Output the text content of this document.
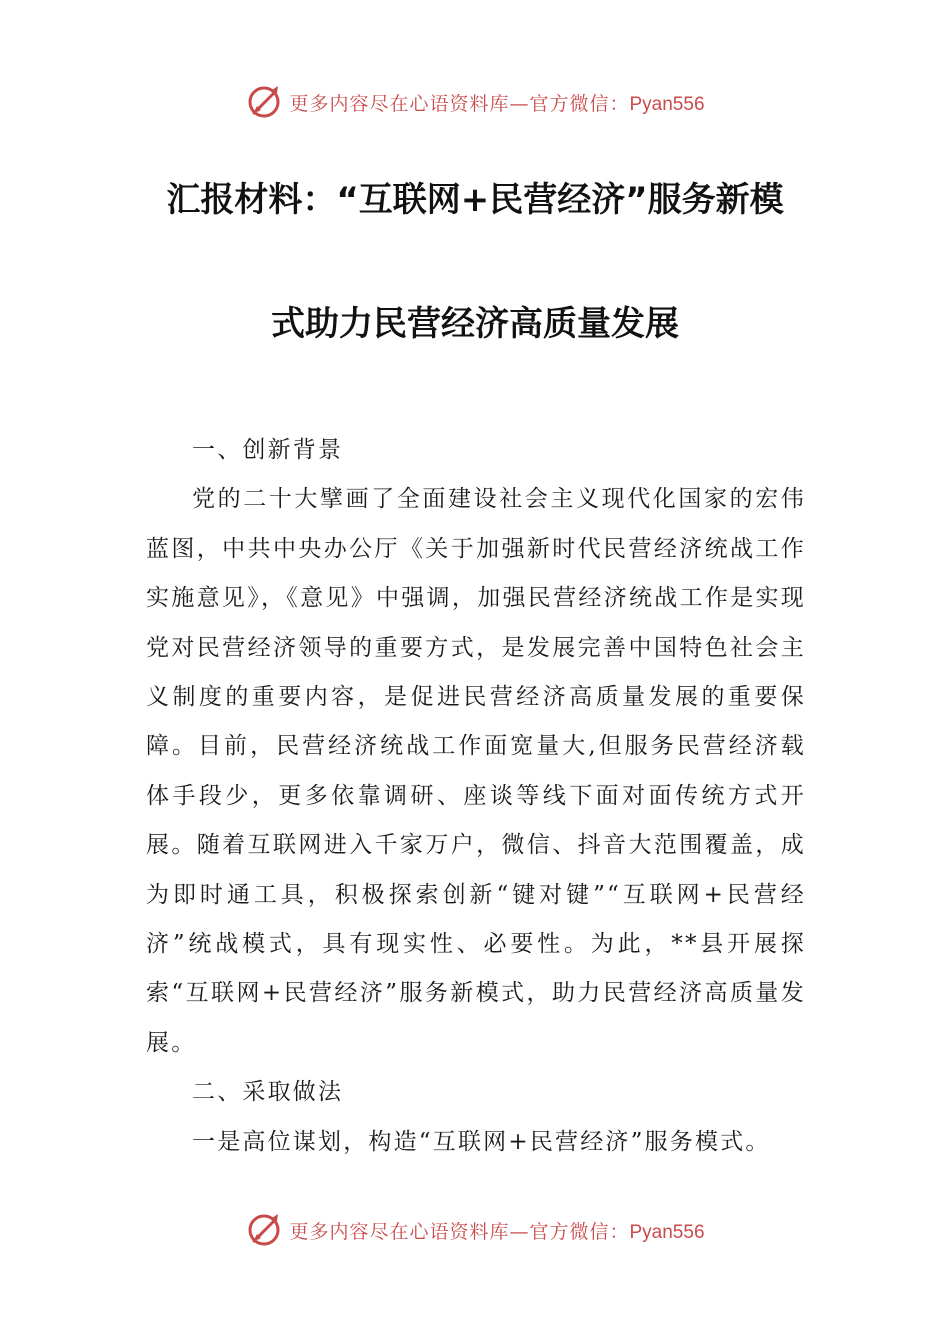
更多内容尽在心语资料库—官方微信：Pyan556
汇报材料：“互联网+民营经济”服务新模
式助力民营经济高质量发展

一、创新背景

党的二十大擘画了全面建设社会主义现代化国家的宏伟蓝图，中共中央办公厅《关于加强新时代民营经济统战工作实施意见》，《意见》中强调，加强民营经济统战工作是实现党对民营经济领导的重要方式，是发展完善中国特色社会主义制度的重要内容，是促进民营经济高质量发展的重要保障。目前，民营经济统战工作面宽量大,但服务民营经济载体手段少，更多依靠调研、座谈等线下面对面传统方式开展。随着互联网进入千家万户，微信、抖音大范围覆盖，成为即时通工具，积极探索创新“键对键”“互联网+民营经济”统战模式，具有现实性、必要性。为此，**县开展探索“互联网+民营经济”服务新模式，助力民营经济高质量发展。

二、采取做法

一是高位谋划，构造“互联网+民营经济”服务模式。

更多内容尽在心语资料库—官方微信：Pyan556
